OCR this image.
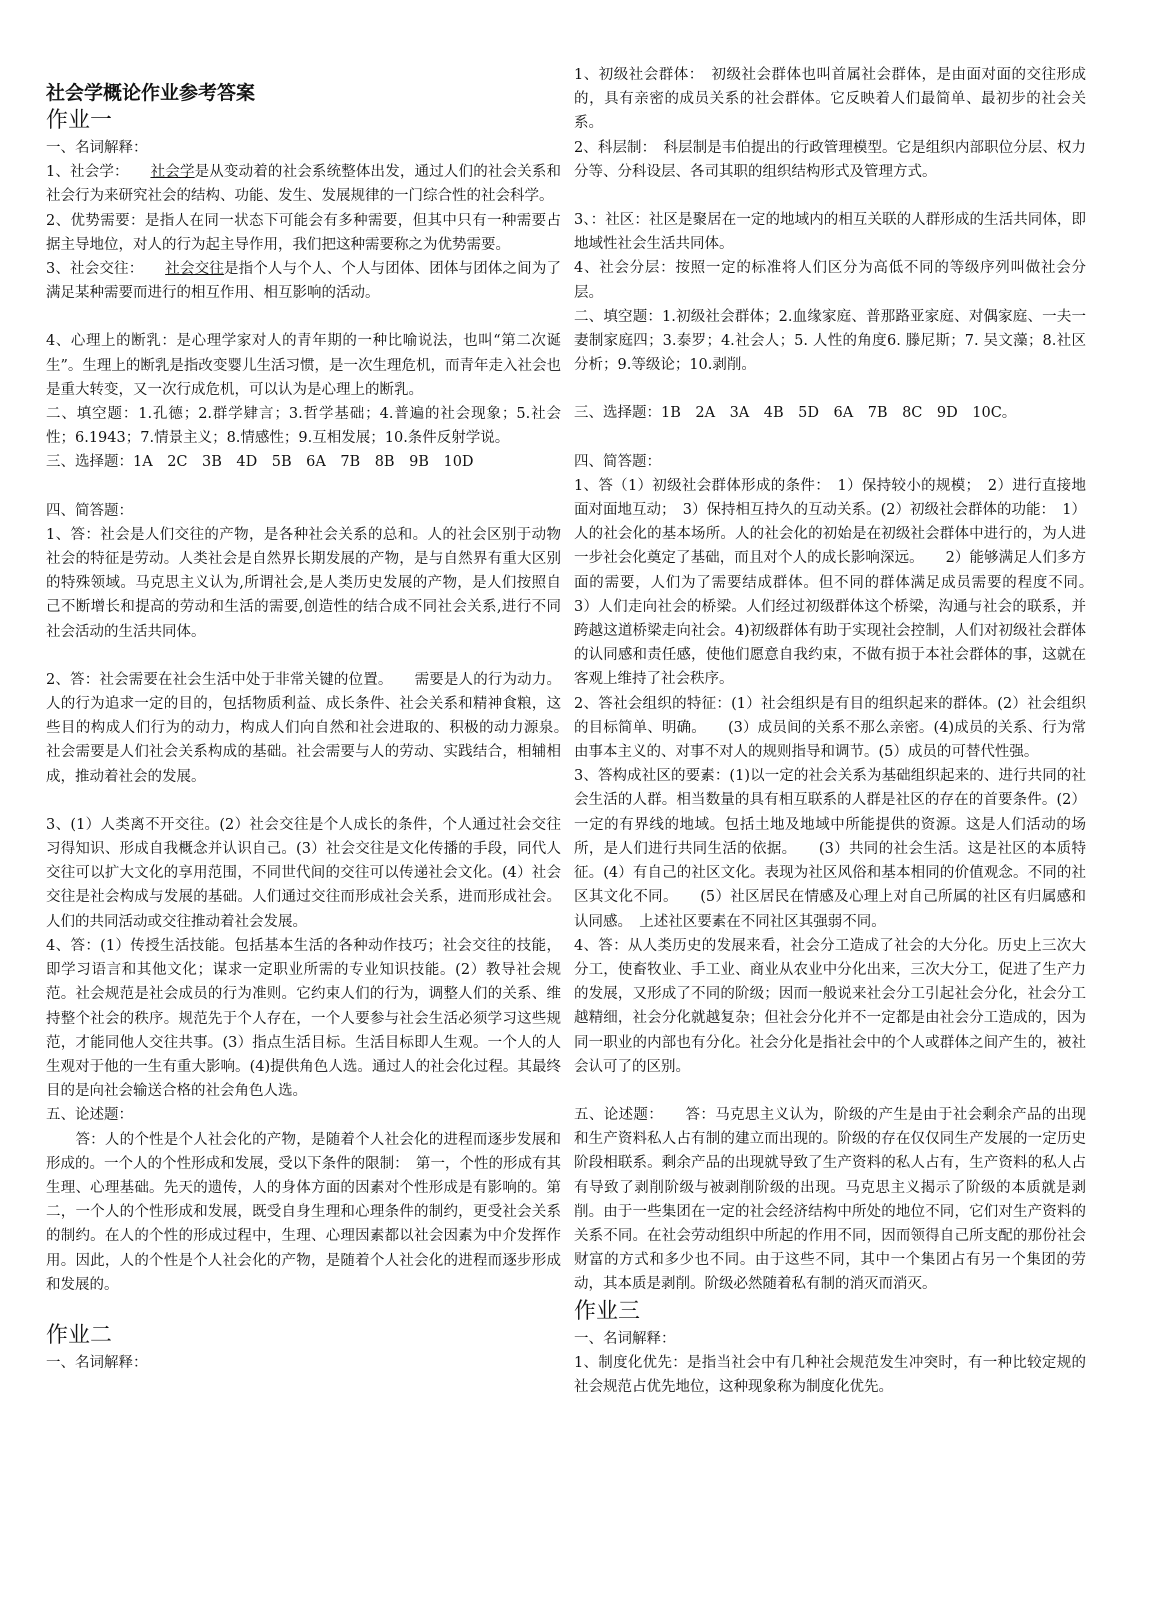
社会学概论作业参考答案

作业一

一、名词解释：

1、社会学：   社会学是从变动着的社会系统整体出发，通过人们的社会关系和社会行为来研究社会的结构、功能、发生、发展规律的一门综合性的社会科学。

2、优势需要：是指人在同一状态下可能会有多种需要，但其中只有一种需要占据主导地位，对人的行为起主导作用，我们把这种需要称之为优势需要。

3、社会交往：   社会交往是指个人与个人、个人与团体、团体与团体之间为了满足某种需要而进行的相互作用、相互影响的活动。

4、心理上的断乳：是心理学家对人的青年期的一种比喻说法，也叫“第二次诞生”。生理上的断乳是指改变婴儿生活习惯，是一次生理危机，而青年走入社会也是重大转变，又一次行成危机，可以认为是心理上的断乳。

二、填空题：1.孔德；2.群学肄言；3.哲学基础；4.普遍的社会现象；5.社会性；6.1943；7.情景主义；8.情感性；9.互相发展；10.条件反射学说。

三、选择题：1A　2C　3B　4D　5B　6A　7B　8B　9B　10D

四、简答题：

1、答：社会是人们交往的产物，是各种社会关系的总和。人的社会区别于动物社会的特征是劳动。人类社会是自然界长期发展的产物，是与自然界有重大区别的特殊领域。马克思主义认为,所谓社会,是人类历史发展的产物，是人们按照自己不断增长和提高的劳动和生活的需要,创造性的结合成不同社会关系,进行不同社会活动的生活共同体。

2、答：社会需要在社会生活中处于非常关键的位置。　　需要是人的行为动力。人的行为追求一定的目的，包括物质利益、成长条件、社会关系和精神食粮，这些目的构成人们行为的动力，构成人们向自然和社会进取的、积极的动力源泉。　社会需要是人们社会关系构成的基础。社会需要与人的劳动、实践结合，相辅相成，推动着社会的发展。

3、(1）人类离不开交往。(2）社会交往是个人成长的条件，个人通过社会交往习得知识、形成自我概念并认识自己。(3）社会交往是文化传播的手段，同代人交往可以扩大文化的享用范围，不同世代间的交往可以传递社会文化。(4）社会交往是社会构成与发展的基础。人们通过交往而形成社会关系，进而形成社会。人们的共同活动或交往推动着社会发展。

4、答：(1）传授生活技能。包括基本生活的各种动作技巧；社会交往的技能，即学习语言和其他文化；谋求一定职业所需的专业知识技能。(2）教导社会规范。社会规范是社会成员的行为准则。它约束人们的行为，调整人们的关系、维持整个社会的秩序。规范先于个人存在，一个人要参与社会生活必须学习这些规范，才能同他人交往共事。(3）指点生活目标。生活目标即人生观。一个人的人生观对于他的一生有重大影响。(4)提供角色人选。通过人的社会化过程。其最终目的是向社会输送合格的社会角色人选。

五、论述题：

　　答：人的个性是个人社会化的产物，是随着个人社会化的进程而逐步发展和形成的。一个人的个性形成和发展，受以下条件的限制：　第一，个性的形成有其生理、心理基础。先天的遗传，人的身体方面的因素对个性形成是有影响的。第二，一个人的个性形成和发展，既受自身生理和心理条件的制约，更受社会关系的制约。在人的个性的形成过程中，生理、心理因素都以社会因素为中介发挥作用。因此，人的个性是个人社会化的产物，是随着个人社会化的进程而逐步形成和发展的。

作业二

一、名词解释：

1、初级社会群体：　初级社会群体也叫首属社会群体，是由面对面的交往形成的，具有亲密的成员关系的社会群体。它反映着人们最简单、最初步的社会关系。

2、科层制：　科层制是韦伯提出的行政管理模型。它是组织内部职位分层、权力分等、分科设层、各司其职的组织结构形式及管理方式。

3、：社区：社区是聚居在一定的地域内的相互关联的人群形成的生活共同体，即地域性社会生活共同体。

4、社会分层：按照一定的标准将人们区分为高低不同的等级序列叫做社会分层。

二、填空题：1.初级社会群体；2.血缘家庭、普那路亚家庭、对偶家庭、一夫一妻制家庭四；3.泰罗；4.社会人；5. 人性的角度6. 滕尼斯；7. 吴文藻；8.社区分析；9.等级论；10.剥削。

三、选择题：1B　2A　3A　4B　5D　6A　7B　8C　9D　10C。

四、简答题：

1、答（1）初级社会群体形成的条件：　1）保持较小的规模；　2）进行直接地面对面地互动；　3）保持相互持久的互动关系。(2）初级社会群体的功能：　1）人的社会化的基本场所。人的社会化的初始是在初级社会群体中进行的，为人进一步社会化奠定了基础，而且对个人的成长影响深远。　　2）能够满足人们多方面的需要，人们为了需要结成群体。但不同的群体满足成员需要的程度不同。　　3）人们走向社会的桥梁。人们经过初级群体这个桥梁，沟通与社会的联系，并跨越这道桥梁走向社会。4)初级群体有助于实现社会控制，人们对初级社会群体的认同感和责任感，使他们愿意自我约束，不做有损于本社会群体的事，这就在客观上维持了社会秩序。

2、答社会组织的特征：(1）社会组织是有目的组织起来的群体。(2）社会组织的目标简单、明确。　　(3）成员间的关系不那么亲密。(4)成员的关系、行为常由事本主义的、对事不对人的规则指导和调节。(5）成员的可替代性强。

3、答构成社区的要素：(1)以一定的社会关系为基础组织起来的、进行共同的社会生活的人群。相当数量的具有相互联系的人群是社区的存在的首要条件。(2）一定的有界线的地域。包括土地及地域中所能提供的资源。这是人们活动的场所，是人们进行共同生活的依据。　　(3）共同的社会生活。这是社区的本质特征。(4）有自己的社区文化。表现为社区风俗和基本相同的价值观念。不同的社区其文化不同。　　(5）社区居民在情感及心理上对自己所属的社区有归属感和认同感。　上述社区要素在不同社区其强弱不同。

4、答：从人类历史的发展来看，社会分工造成了社会的大分化。历史上三次大分工，使畜牧业、手工业、商业从农业中分化出来，三次大分工，促进了生产力的发展，又形成了不同的阶级；因而一般说来社会分工引起社会分化，社会分工越精细，社会分化就越复杂；但社会分化并不一定都是由社会分工造成的，因为同一职业的内部也有分化。社会分化是指社会中的个人或群体之间产生的，被社会认可了的区别。

五、论述题：　　答：马克思主义认为，阶级的产生是由于社会剩余产品的出现和生产资料私人占有制的建立而出现的。阶级的存在仅仅同生产发展的一定历史阶段相联系。剩余产品的出现就导致了生产资料的私人占有，生产资料的私人占有导致了剥削阶级与被剥削阶级的出现。马克思主义揭示了阶级的本质就是剥削。由于一些集团在一定的社会经济结构中所处的地位不同，它们对生产资料的关系不同。在社会劳动组织中所起的作用不同，因而领得自己所支配的那份社会财富的方式和多少也不同。由于这些不同，其中一个集团占有另一个集团的劳动，其本质是剥削。阶级必然随着私有制的消灭而消灭。

作业三

一、名词解释：

1、制度化优先：是指当社会中有几种社会规范发生冲突时，有一种比较定规的社会规范占优先地位，这种现象称为制度化优先。
